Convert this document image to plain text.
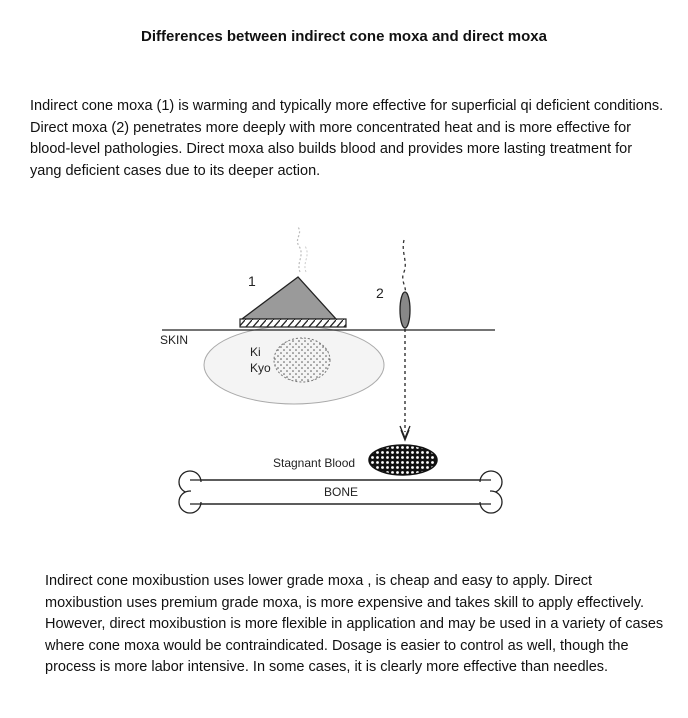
Differences between indirect cone moxa and direct moxa
Indirect cone moxa (1) is warming and typically more effective for superficial qi deficient conditions. Direct moxa (2) penetrates more deeply with more concentrated heat and is more effective for blood-level pathologies. Direct moxa also builds blood and provides more lasting treatment for yang deficient cases due to its deeper action.
1
2
SKIN
Ki
Kyo
Stagnant Blood
BONE
Indirect cone moxibustion uses lower grade moxa , is cheap and easy to apply. Direct moxibustion uses premium grade moxa, is more expensive and takes skill to apply effectively. However, direct moxibustion is more flexible in application and may be used in a variety of cases where cone moxa would be contraindicated. Dosage is easier to control as well, though the process is more labor intensive. In some cases, it is clearly more effective than needles.
